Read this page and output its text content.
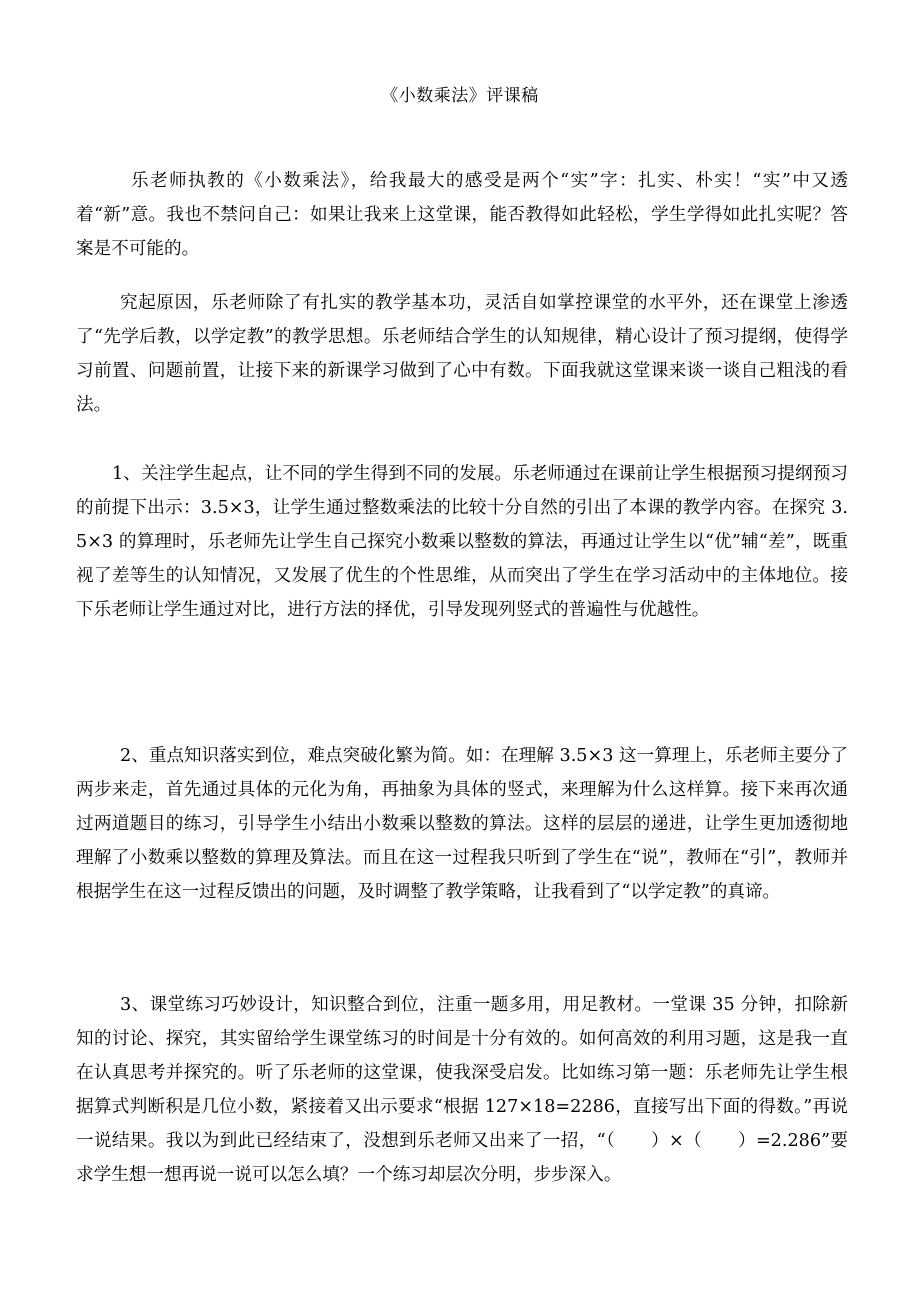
《小数乘法》评课稿

乐老师执教的《小数乘法》，给我最大的感受是两个“实”字：扎实、朴实！“实”中又透着“新”意。我也不禁问自己：如果让我来上这堂课，能否教得如此轻松，学生学得如此扎实呢？答案是不可能的。

究起原因，乐老师除了有扎实的教学基本功，灵活自如掌控课堂的水平外，还在课堂上渗透了“先学后教，以学定教”的教学思想。乐老师结合学生的认知规律，精心设计了预习提纲，使得学习前置、问题前置，让接下来的新课学习做到了心中有数。下面我就这堂课来谈一谈自己粗浅的看法。

1、关注学生起点，让不同的学生得到不同的发展。乐老师通过在课前让学生根据预习提纲预习的前提下出示：3.5×3，让学生通过整数乘法的比较十分自然的引出了本课的教学内容。在探究 3.5×3 的算理时，乐老师先让学生自己探究小数乘以整数的算法，再通过让学生以“优”辅“差”，既重视了差等生的认知情况，又发展了优生的个性思维，从而突出了学生在学习活动中的主体地位。接下乐老师让学生通过对比，进行方法的择优，引导发现列竖式的普遍性与优越性。

2、重点知识落实到位，难点突破化繁为简。如：在理解 3.5×3 这一算理上，乐老师主要分了两步来走，首先通过具体的元化为角，再抽象为具体的竖式，来理解为什么这样算。接下来再次通过两道题目的练习，引导学生小结出小数乘以整数的算法。这样的层层的递进，让学生更加透彻地理解了小数乘以整数的算理及算法。而且在这一过程我只听到了学生在“说”，教师在“引”，教师并根据学生在这一过程反馈出的问题，及时调整了教学策略，让我看到了“以学定教”的真谛。

3、课堂练习巧妙设计，知识整合到位，注重一题多用，用足教材。一堂课 35 分钟，扣除新知的讨论、探究，其实留给学生课堂练习的时间是十分有效的。如何高效的利用习题，这是我一直在认真思考并探究的。听了乐老师的这堂课，使我深受启发。比如练习第一题：乐老师先让学生根据算式判断积是几位小数，紧接着又出示要求“根据 127×18=2286，直接写出下面的得数。”再说一说结果。我以为到此已经结束了，没想到乐老师又出来了一招，“（　　）×（　　）=2.286”要求学生想一想再说一说可以怎么填？一个练习却层次分明，步步深入。
